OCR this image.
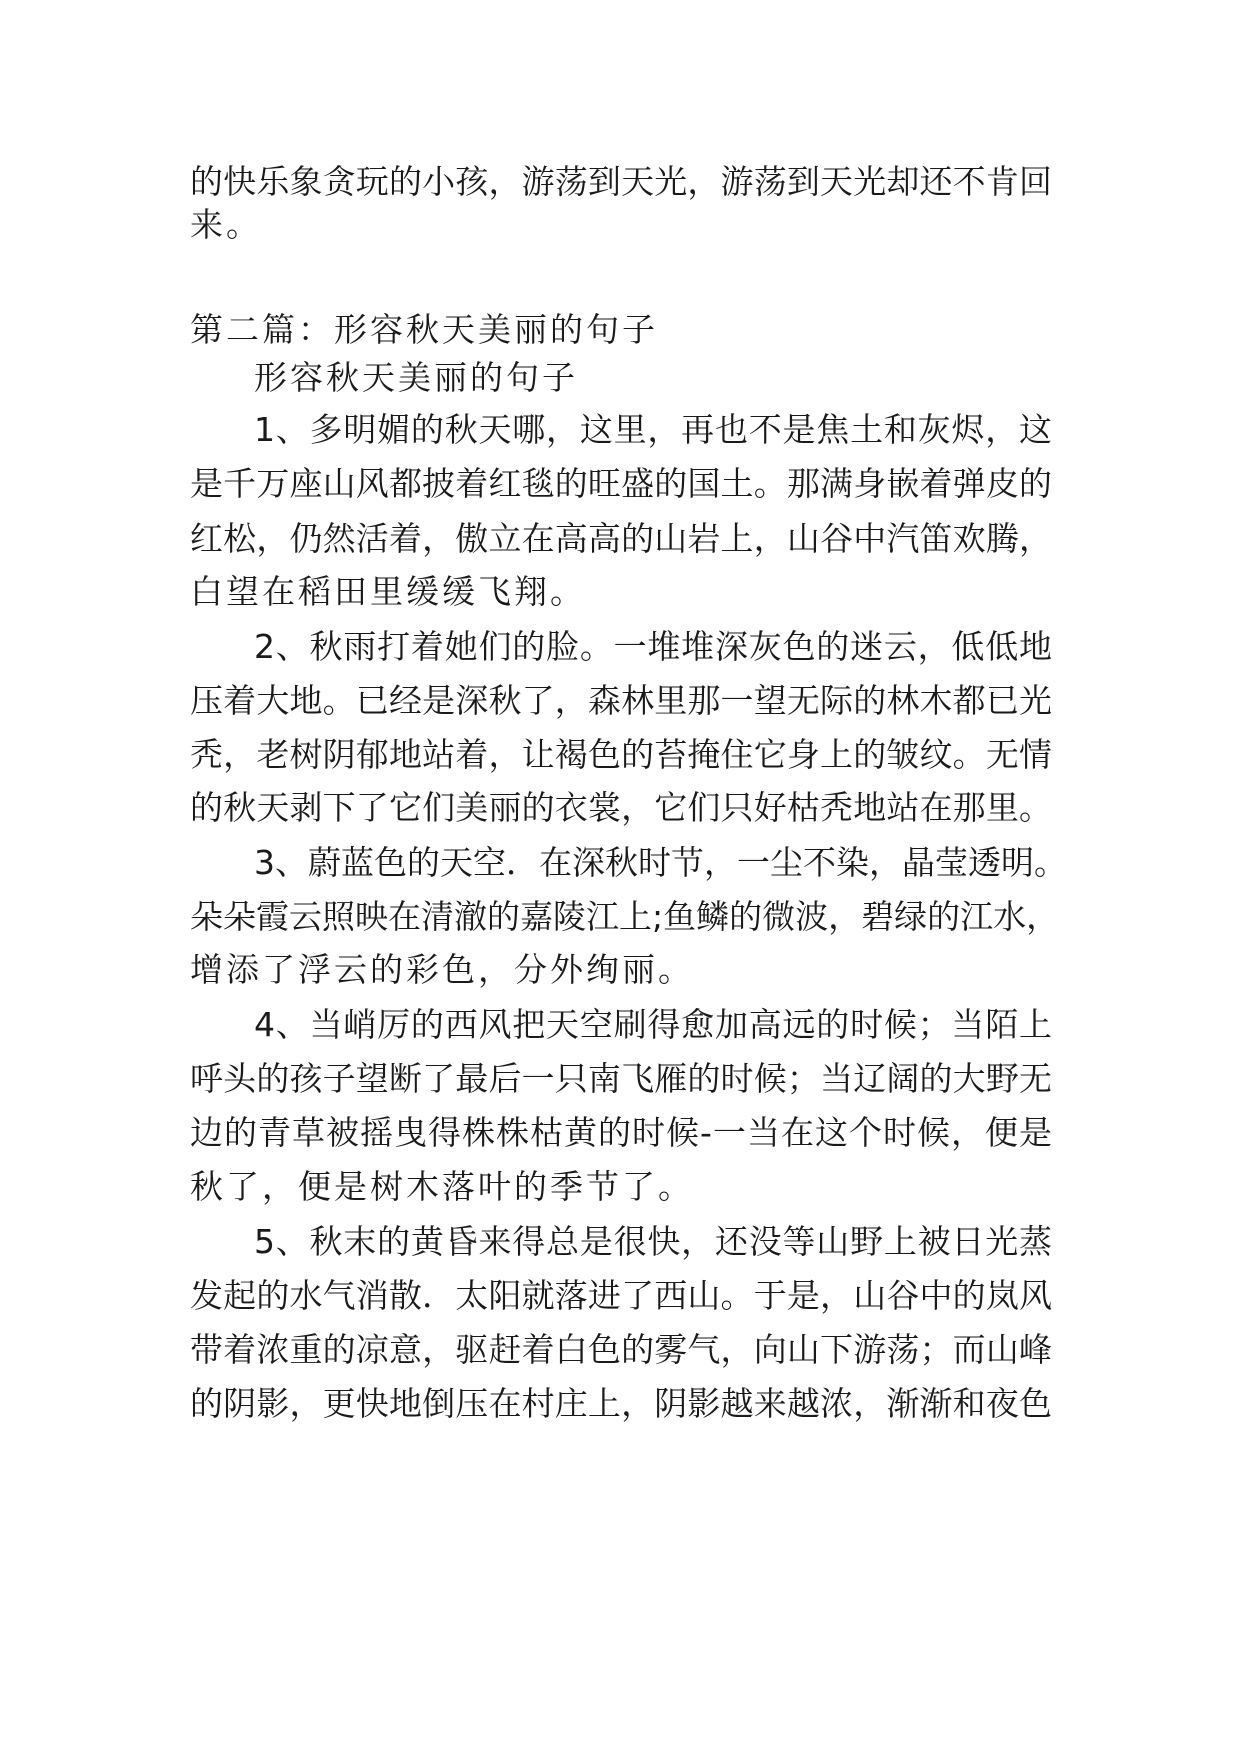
的快乐象贪玩的小孩，游荡到天光，游荡到天光却还不肯回
来。
第二篇：形容秋天美丽的句子
形容秋天美丽的句子
1、多明媚的秋天哪，这里，再也不是焦土和灰烬，这
是千万座山风都披着红毯的旺盛的国土。那满身嵌着弹皮的
红松，仍然活着，傲立在高高的山岩上，山谷中汽笛欢腾，
白望在稻田里缓缓飞翔。
2、秋雨打着她们的脸。一堆堆深灰色的迷云，低低地
压着大地。已经是深秋了，森林里那一望无际的林木都已光
秃，老树阴郁地站着，让褐色的苔掩住它身上的皱纹。无情
的秋天剥下了它们美丽的衣裳，它们只好枯秃地站在那里。
3、蔚蓝色的天空．在深秋时节，一尘不染，晶莹透明。
朵朵霞云照映在清澈的嘉陵江上;鱼鳞的微波，碧绿的江水，
增添了浮云的彩色，分外绚丽。
4、当峭厉的西风把天空刷得愈加高远的时候；当陌上
呼头的孩子望断了最后一只南飞雁的时候；当辽阔的大野无
边的青草被摇曳得株株枯黄的时候-一当在这个时候，便是
秋了，便是树木落叶的季节了。
5、秋末的黄昏来得总是很快，还没等山野上被日光蒸
发起的水气消散．太阳就落进了西山。于是，山谷中的岚风
带着浓重的凉意，驱赶着白色的雾气，向山下游荡；而山峰
的阴影，更快地倒压在村庄上，阴影越来越浓，渐渐和夜色
